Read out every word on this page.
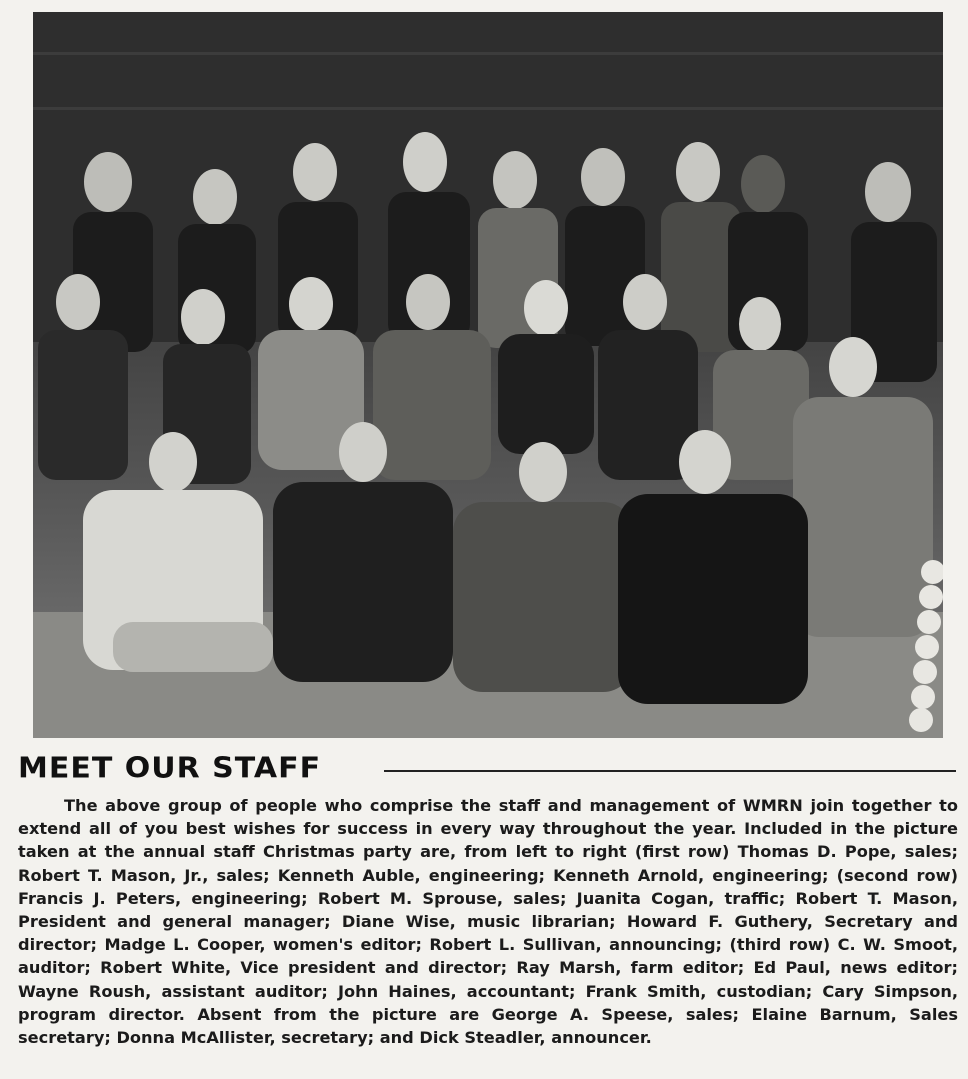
MEET OUR STAFF
The above group of people who comprise the staff and management of WMRN join together to extend all of you best wishes for success in every way throughout the year. Included in the picture taken at the annual staff Christmas party are, from left to right (first row) Thomas D. Pope, sales; Robert T. Mason, Jr., sales; Kenneth Auble, engineering; Kenneth Arnold, engineering; (second row) Francis J. Peters, engineering; Robert M. Sprouse, sales; Juanita Cogan, traffic; Robert T. Mason, President and general manager; Diane Wise, music librarian; Howard F. Guthery, Secretary and director; Madge L. Cooper, women's editor; Robert L. Sullivan, announcing; (third row) C. W. Smoot, auditor; Robert White, Vice president and director; Ray Marsh, farm editor; Ed Paul, news editor; Wayne Roush, assistant auditor; John Haines, accountant; Frank Smith, custodian; Cary Simpson, program director. Absent from the picture are George A. Speese, sales; Elaine Barnum, Sales secretary; Donna McAllister, secretary; and Dick Steadler, announcer.
